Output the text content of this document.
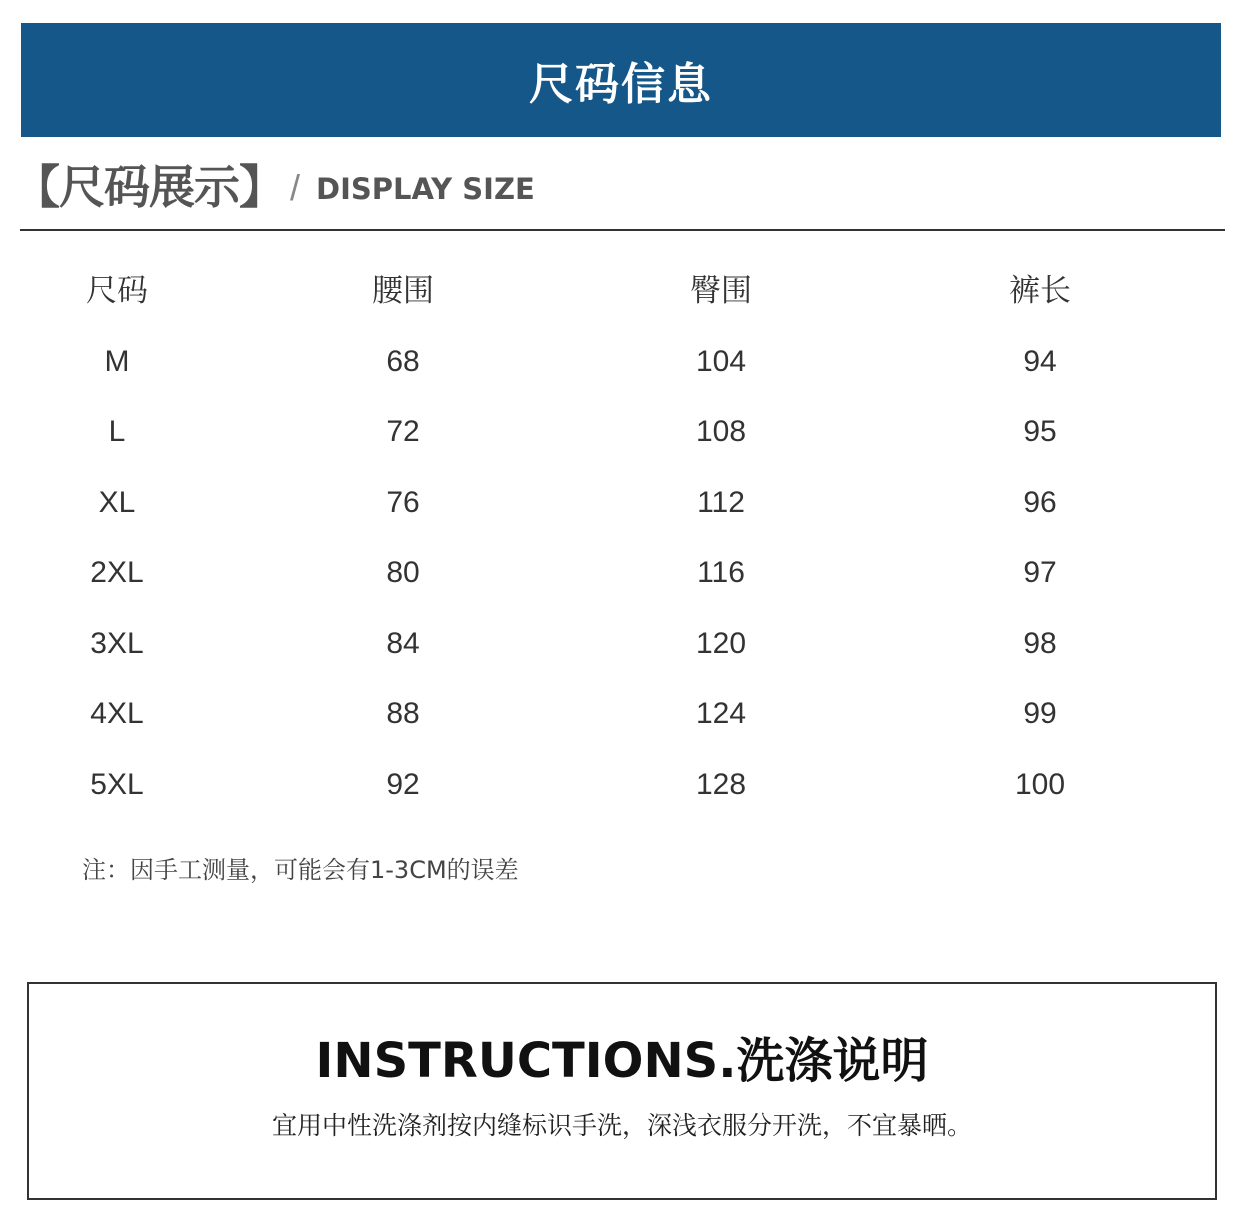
尺码信息
【尺码展示】 / DISPLAY SIZE
尺码	腰围	臀围	裤长
M	68	104	94
L	72	108	95
XL	76	112	96
2XL	80	116	97
3XL	84	120	98
4XL	88	124	99
5XL	92	128	100
注：因手工测量，可能会有1-3CM的误差
INSTRUCTIONS.洗涤说明
宜用中性洗涤剂按内缝标识手洗，深浅衣服分开洗，不宜暴晒。
